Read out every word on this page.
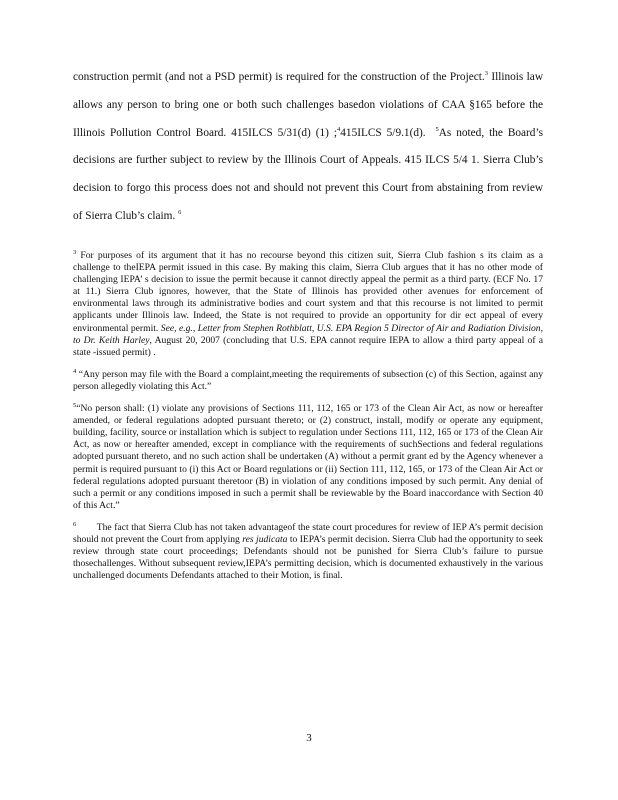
construction permit (and not a PSD permit) is required for the construction of the Project.$^3$ Illinois law allows any person to bring one or both such challenges basedon violations of CAA §165 before the Illinois Pollution Control Board. 415ILCS 5/31(d) (1) ;$^4$415ILCS 5/9.1(d). $^5$As noted, the Board’s decisions are further subject to review by the Illinois Court of Appeals. 415 ILCS 5/4 1. Sierra Club’s decision to forgo this process does not and should not prevent this Court from abstaining from review of Sierra Club’s claim. $^6$

$^3$ For purposes of its argument that it has no recourse beyond this citizen suit, Sierra Club fashion s its claim as a challenge to theIEPA permit issued in this case. By making this claim, Sierra Club argues that it has no other mode of challenging IEPA’ s decision to issue the permit because it cannot directly appeal the permit as a third party. (ECF No. 17 at 11.) Sierra Club ignores, however, that the State of Illinois has provided other avenues for enforcement of environmental laws through its administrative bodies and court system and that this recourse is not limited to permit applicants under Illinois law. Indeed, the State is not required to provide an opportunity for dir ect appeal of every environmental permit. See, e.g., Letter from Stephen Rothblatt, U.S. EPA Region 5 Director of Air and Radiation Division, to Dr. Keith Harley, August 20, 2007 (concluding that U.S. EPA cannot require IEPA to allow a third party appeal of a state -issued permit) .

$^4$ “Any person may file with the Board a complaint,meeting the requirements of subsection (c) of this Section, against any person allegedly violating this Act.”

$^5$“No person shall: (1) violate any provisions of Sections 111, 112, 165 or 173 of the Clean Air Act, as now or hereafter amended, or federal regulations adopted pursuant thereto; or (2) construct, install, modify or operate any equipment, building, facility, source or installation which is subject to regulation under Sections 111, 112, 165 or 173 of the Clean Air Act, as now or hereafter amended, except in compliance with the requirements of suchSections and federal regulations adopted pursuant thereto, and no such action shall be undertaken (A) without a permit grant ed by the Agency whenever a permit is required pursuant to (i) this Act or Board regulations or (ii) Section 111, 112, 165, or 173 of the Clean Air Act or federal regulations adopted pursuant theretoor (B) in violation of any conditions imposed by such permit. Any denial of such a permit or any conditions imposed in such a permit shall be reviewable by the Board inaccordance with Section 40 of this Act.”

$^6$ The fact that Sierra Club has not taken advantageof the state court procedures for review of IEP A’s permit decision should not prevent the Court from applying res judicata to IEPA’s permit decision. Sierra Club had the opportunity to seek review through state court proceedings; Defendants should not be punished for Sierra Club’s failure to pursue thosechallenges. Without subsequent review,IEPA’s permitting decision, which is documented exhaustively in the various unchallenged documents Defendants attached to their Motion, is final.

3
